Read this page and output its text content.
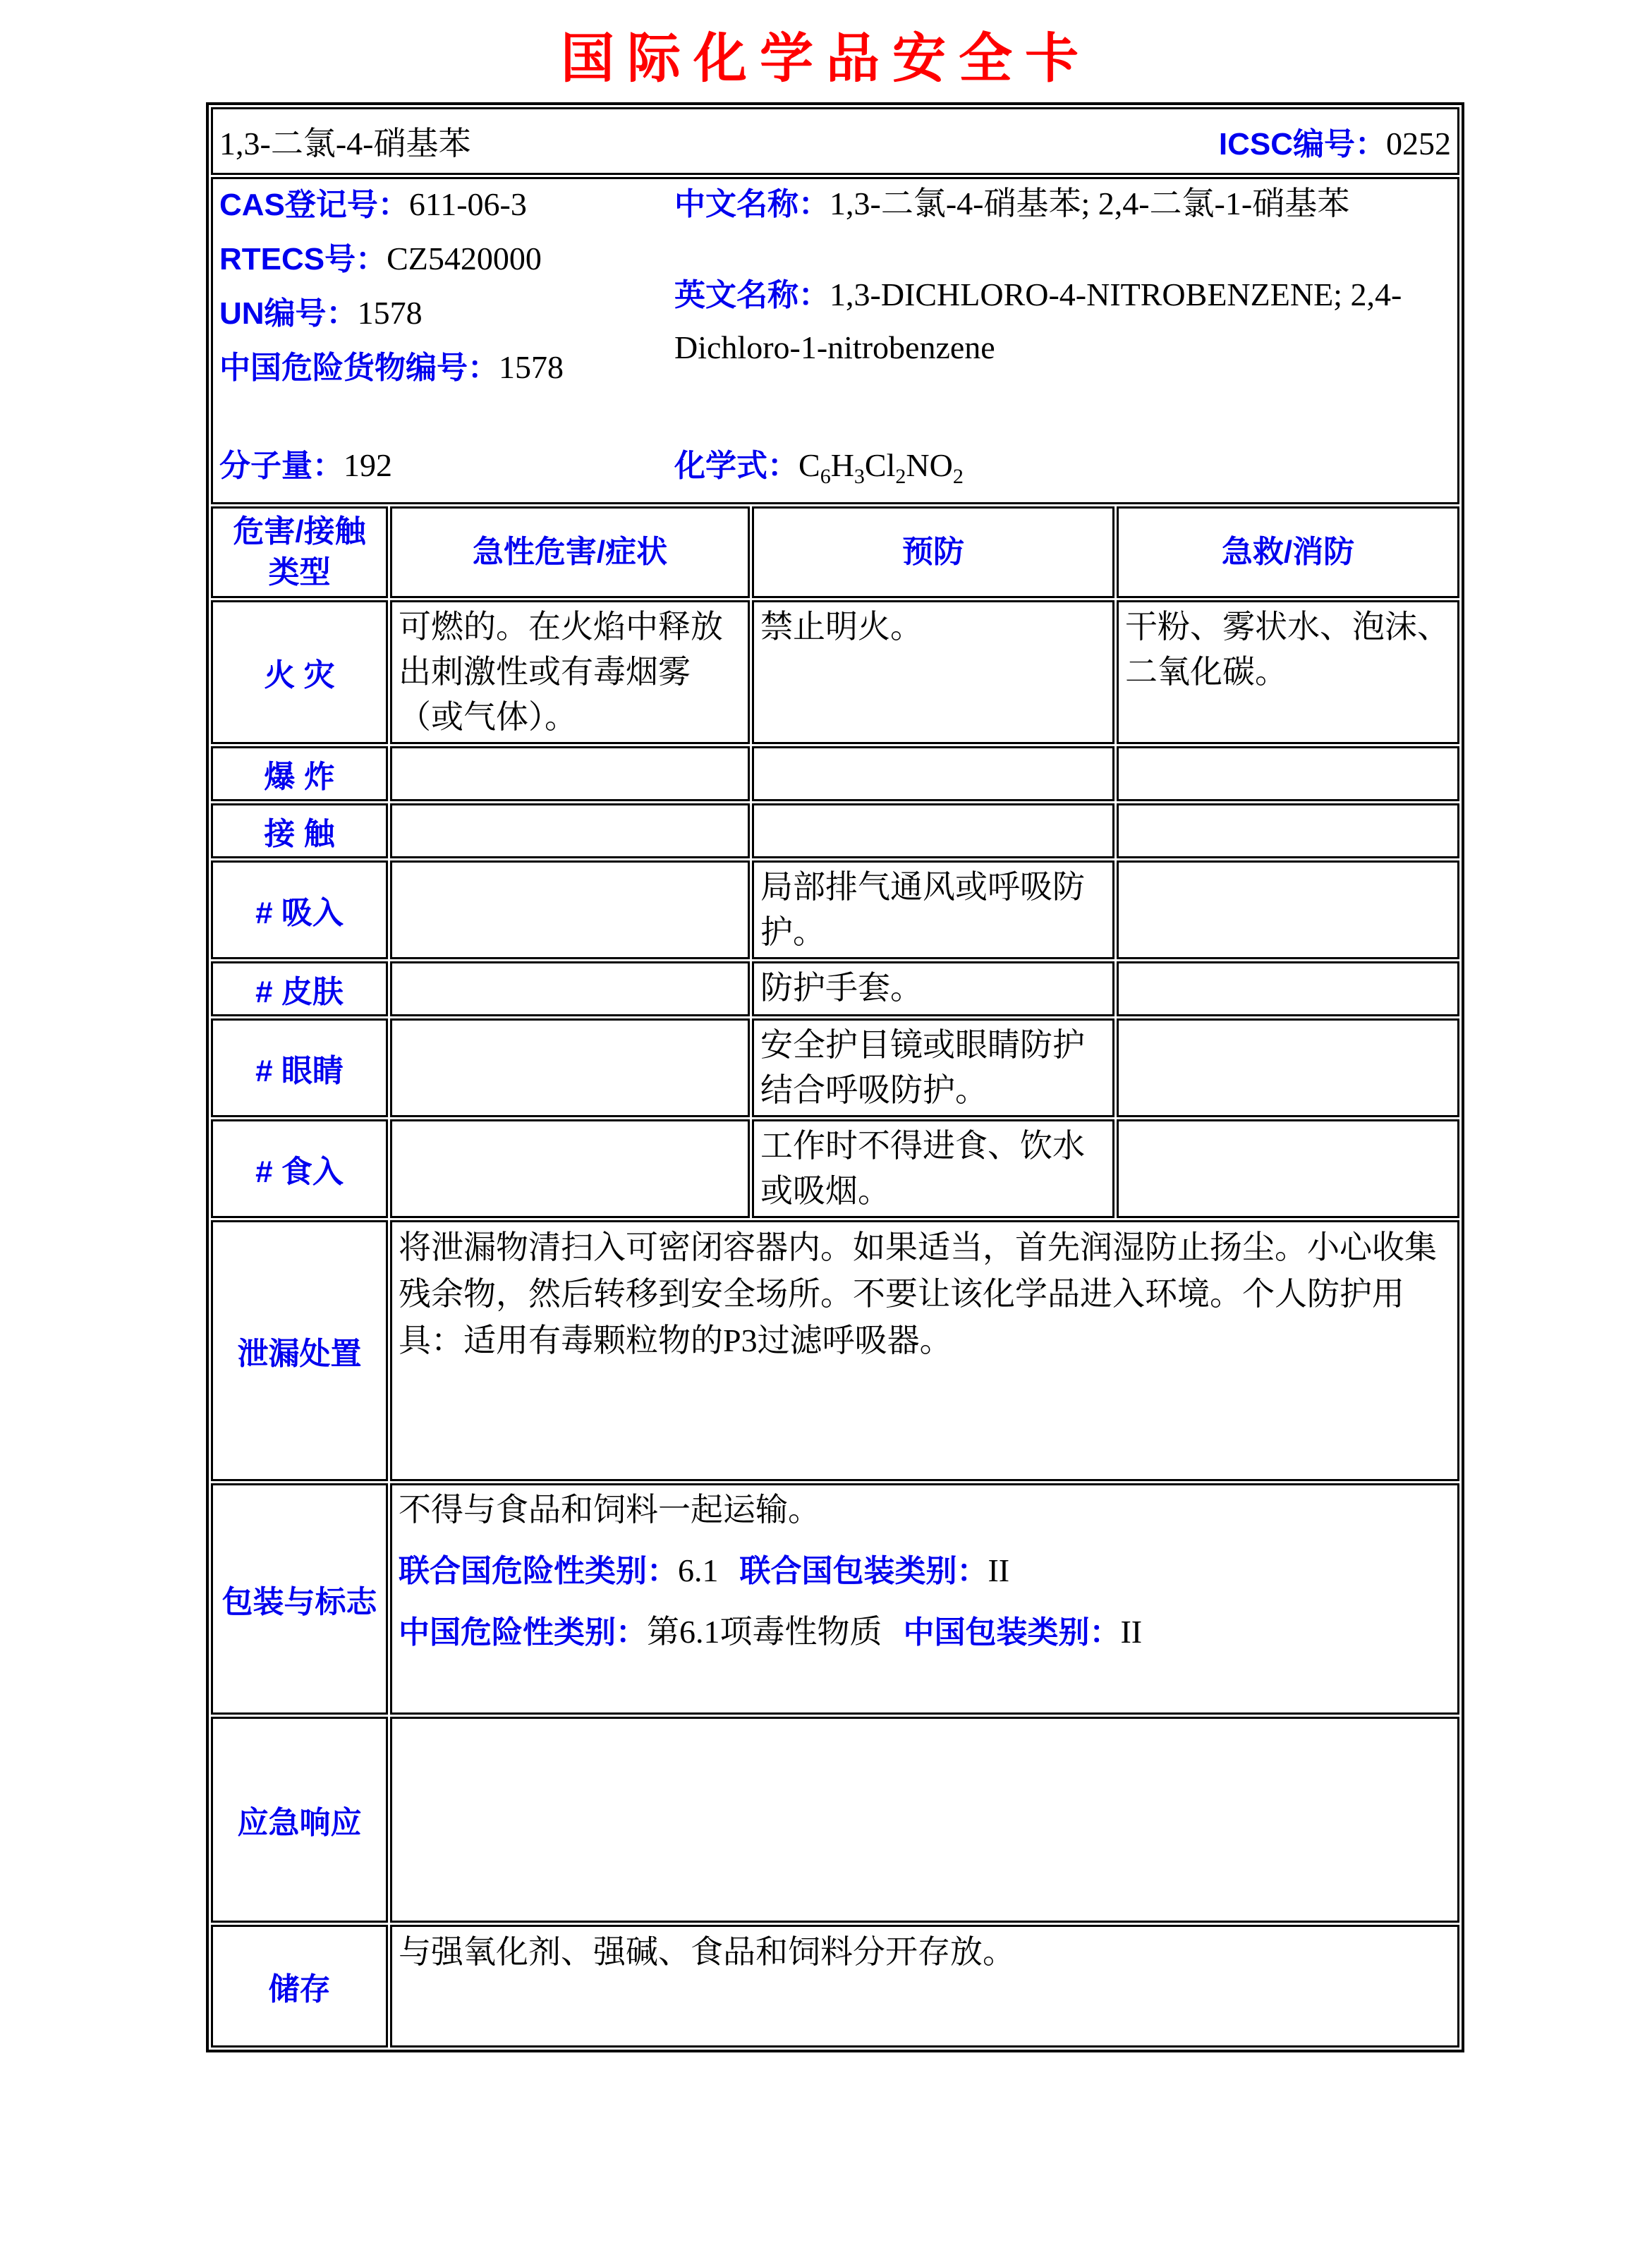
国际化学品安全卡
1,3-二氯-4-硝基苯 ICSC编号：0252			

CAS登记号：611-06-3
RTECS号：CZ5420000
UN编号：1578
中国危险货物编号：1578
中文名称：1,3-二氯-4-硝基苯; 2,4-二氯-1-硝基苯
英文名称：1,3-DICHLORO-4-NITROBENZENE; 2,4-Dichloro-1-nitrobenzene
分子量：192	化学式：$C_6H_3Cl_2NO_2$

危害/接触类型	急性危害/症状	预防	急救/消防
火 灾	可燃的。在火焰中释放出刺激性或有毒烟雾（或气体）。	禁止明火。	干粉、雾状水、泡沫、二氧化碳。
爆 炸			
接 触			
# 吸入		局部排气通风或呼吸防护。	
# 皮肤		防护手套。	
# 眼睛		安全护目镜或眼睛防护结合呼吸防护。	
# 食入		工作时不得进食、饮水或吸烟。	
泄漏处置	将泄漏物清扫入可密闭容器内。如果适当，首先润湿防止扬尘。小心收集残余物，然后转移到安全场所。不要让该化学品进入环境。个人防护用具：适用有毒颗粒物的P3过滤呼吸器。		
包装与标志	不得与食品和饲料一起运输。
联合国危险性类别：6.1 联合国包装类别：II
中国危险性类别：第6.1项毒性物质 中国包装类别：II		

应急响应			
储存	与强氧化剂、强碱、食品和饲料分开存放。		
